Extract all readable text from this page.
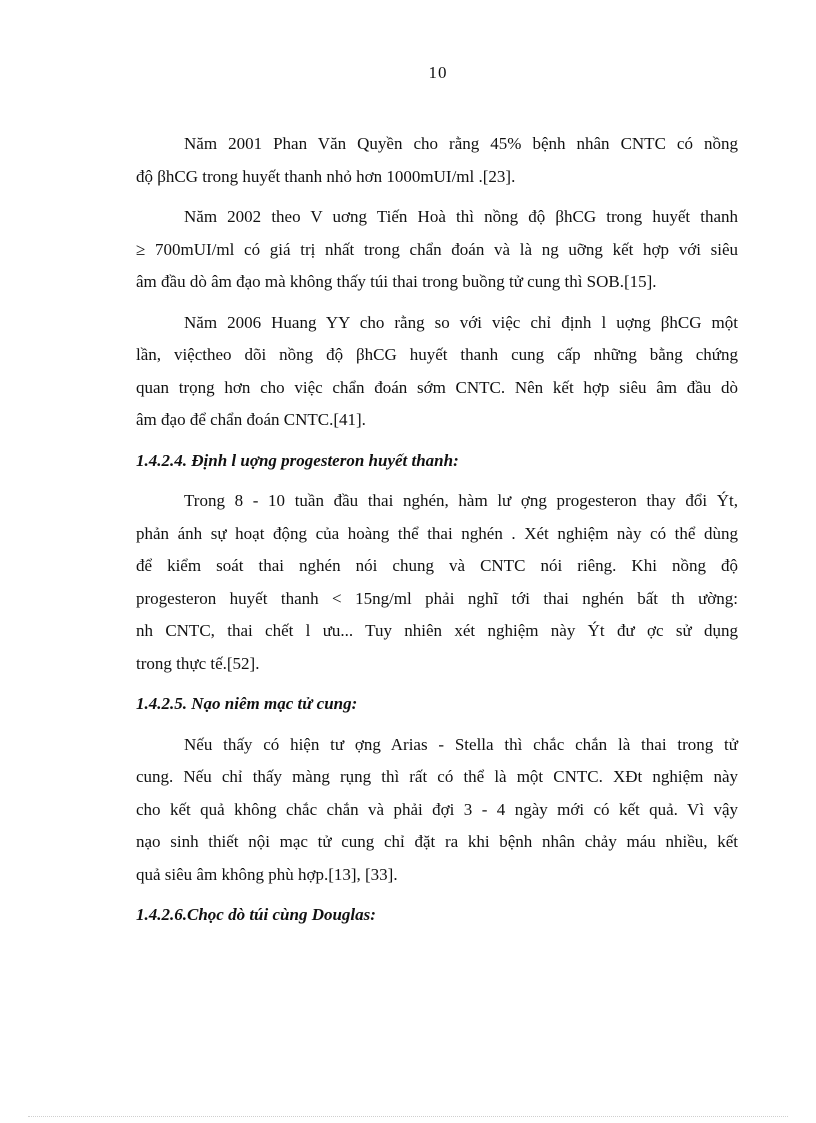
10

Năm 2001 Phan Văn Quyền cho rằng 45% bệnh nhân CNTC có nồng
độ βhCG trong huyết thanh nhỏ hơn 1000mUI/ml .[23].

Năm 2002 theo V uơng Tiến Hoà thì nồng độ βhCG trong huyết thanh
≥ 700mUI/ml có giá trị nhất trong chẩn đoán và là ng uỡng kết hợp với siêu
âm đầu dò âm đạo mà không thấy túi thai trong buồng tử cung thì SOB.[15].

Năm 2006 Huang YY cho rằng so với việc chỉ định l uợng βhCG một
lần, việctheo dõi nồng độ βhCG huyết thanh cung cấp những bằng chứng
quan trọng hơn cho việc chẩn đoán sớm CNTC. Nên kết hợp siêu âm đầu dò
âm đạo để chẩn đoán CNTC.[41].

1.4.2.4. Định l uợng progesteron huyết thanh:

Trong 8 - 10 tuần đầu thai nghén, hàm lư ợng progesteron thay đổi Ýt,
phản ánh sự hoạt động của hoàng thể thai nghén . Xét nghiệm này có thể dùng
để kiểm soát thai nghén nói chung và CNTC nói riêng. Khi nồng độ
progesteron huyết thanh < 15ng/ml phải nghĩ tới thai nghén bất th ường:
nh CNTC, thai chết l ưu... Tuy nhiên xét nghiệm này Ýt đư ợc sử dụng
trong thực tế.[52].

1.4.2.5. Nạo niêm mạc tử cung:

Nếu thấy có hiện tư ợng Arias - Stella thì chắc chắn là thai trong tử
cung. Nếu chỉ thấy màng rụng thì rất có thể là một CNTC. XÐt nghiệm này
cho kết quả không chắc chắn và phải đợi 3 - 4 ngày mới có kết quả. Vì vậy
nạo sinh thiết nội mạc tử cung chỉ đặt ra khi bệnh nhân chảy máu nhiều, kết
quả siêu âm không phù hợp.[13], [33].

1.4.2.6.Chọc dò túi cùng Douglas:
